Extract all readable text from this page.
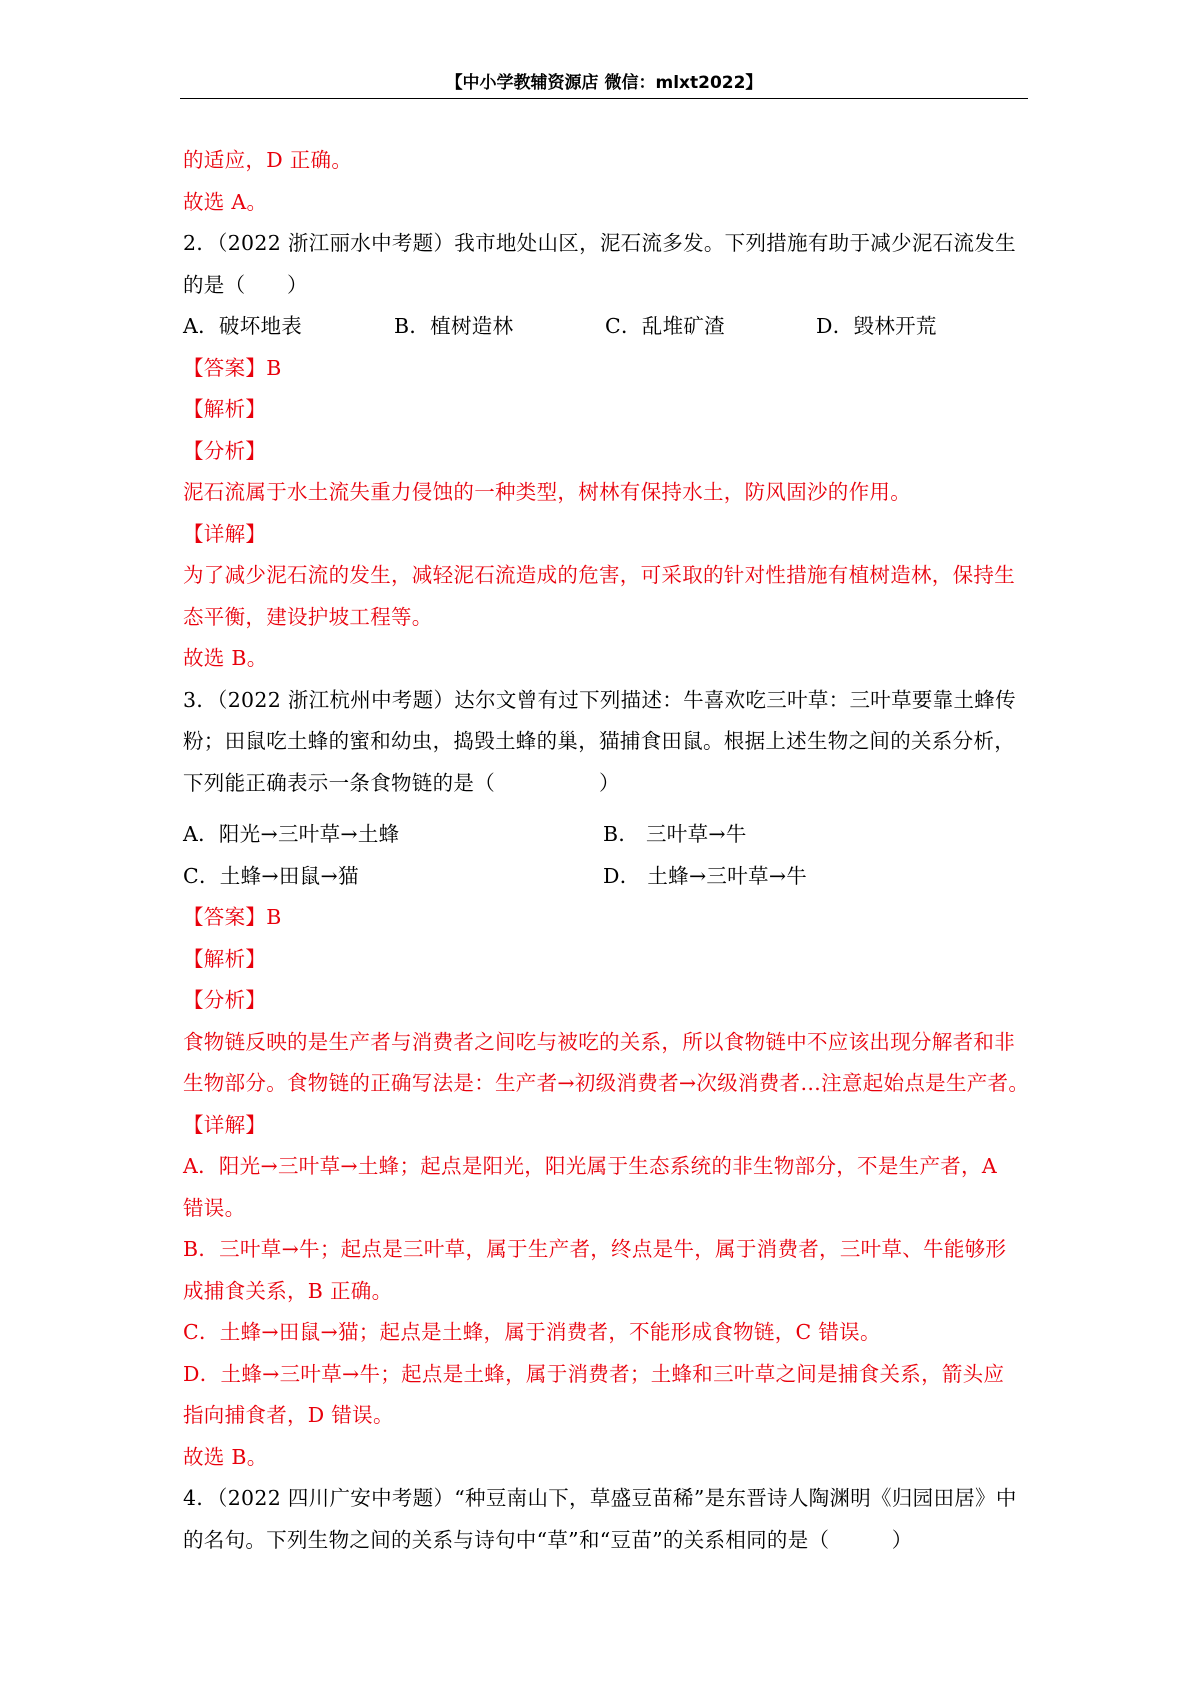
【中小学教辅资源店 微信：mlxt2022】
的适应，D 正确。
故选 A。
2．（2022 浙江丽水中考题）我市地处山区，泥石流多发。下列措施有助于减少泥石流发生
的是（　　）
A．破坏地表	B．植树造林	C．乱堆矿渣	D．毁林开荒
【答案】B
【解析】
【分析】
泥石流属于水土流失重力侵蚀的一种类型，树林有保持水土，防风固沙的作用。
【详解】
为了减少泥石流的发生，减轻泥石流造成的危害，可采取的针对性措施有植树造林，保持生
态平衡，建设护坡工程等。
故选 B。
3．（2022 浙江杭州中考题）达尔文曾有过下列描述：牛喜欢吃三叶草：三叶草要靠土蜂传
粉；田鼠吃土蜂的蜜和幼虫，捣毁土蜂的巢，猫捕食田鼠。根据上述生物之间的关系分析，
下列能正确表示一条食物链的是（　　　　　）
A．阳光→三叶草→土蜂	B． 三叶草→牛
C．土蜂→田鼠→猫	D． 土蜂→三叶草→牛
【答案】B
【解析】
【分析】
食物链反映的是生产者与消费者之间吃与被吃的关系，所以食物链中不应该出现分解者和非
生物部分。食物链的正确写法是：生产者→初级消费者→次级消费者…注意起始点是生产者。
【详解】
A．阳光→三叶草→土蜂；起点是阳光，阳光属于生态系统的非生物部分，不是生产者，A
错误。
B．三叶草→牛；起点是三叶草，属于生产者，终点是牛，属于消费者，三叶草、牛能够形
成捕食关系，B 正确。
C．土蜂→田鼠→猫；起点是土蜂，属于消费者，不能形成食物链，C 错误。
D．土蜂→三叶草→牛；起点是土蜂，属于消费者；土蜂和三叶草之间是捕食关系，箭头应
指向捕食者，D 错误。
故选 B。
4．（2022 四川广安中考题）“种豆南山下，草盛豆苗稀”是东晋诗人陶渊明《归园田居》中
的名句。下列生物之间的关系与诗句中“草”和“豆苗”的关系相同的是（　　　）
